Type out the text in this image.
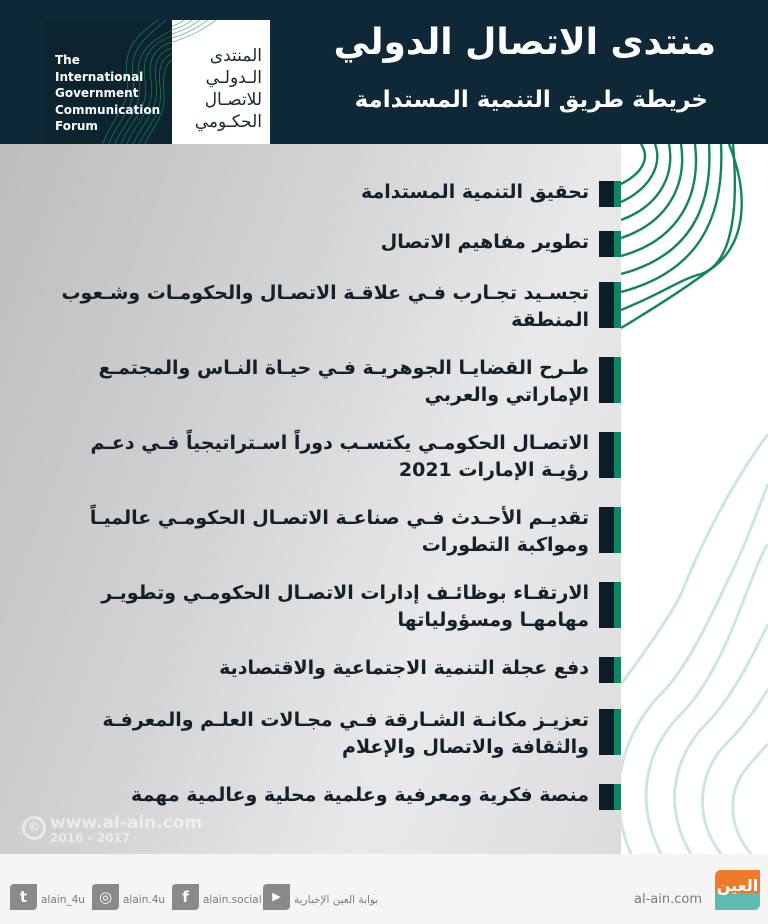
منتدى الاتصال الدولي
خريطة طريق التنمية المستدامة
The
International
Government
Communication
Forum
المنتدى
الـدولـي
للاتصـال
الحكـومي
تحقيق التنمية المستدامة
تطوير مفاهيم الاتصال
تجسـيد تجـارب فـي علاقـة الاتصـال والحكومـات وشـعوب المنطقة
طـرح القضايـا الجوهريـة فـي حيـاة النـاس والمجتمـع الإماراتي والعربي
الاتصـال الحكومـي يكتسـب دوراً اسـتراتيجياً فـي دعـم رؤيـة الإمارات 2021
تقديـم الأحـدث فـي صناعـة الاتصـال الحكومـي عالميـاً ومواكبة التطورات
الارتقـاء بوظائـف إدارات الاتصـال الحكومـي وتطويـر مهامهـا ومسؤولياتها
دفع عجلة التنمية الاجتماعية والاقتصادية
تعزيـز مكانـة الشـارقة فـي مجـالات العلـم والمعرفـة والثقافة والاتصال والإعلام
منصة فكرية ومعرفية وعلمية محلية وعالمية مهمة
© www.al-ain.com
2016 - 2017
t	alain_4u ◎	alain.4u	f	alain.social ▶	بوابة العين الإخبارية	al-ain.com
العين
